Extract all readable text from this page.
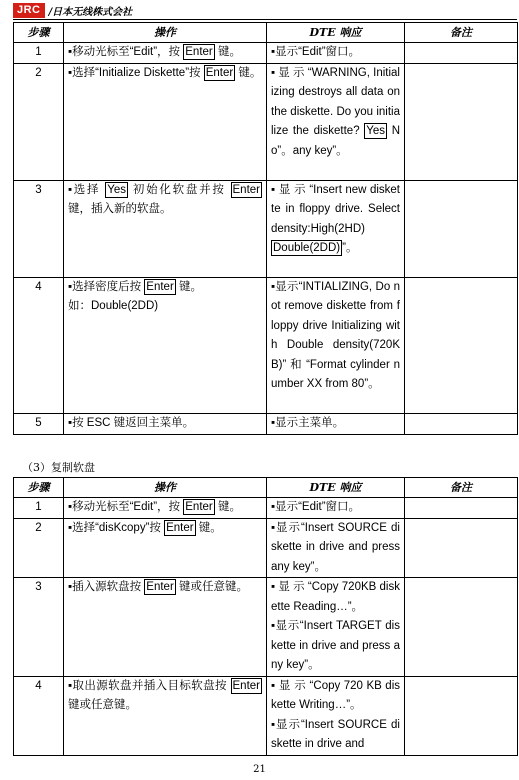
JRC /日本无线株式会社
步骤	操作	DTE 响应	备注
1	▪移动光标至“Edit”，按 Enter 键。	▪显示“Edit”窗口。	

2	▪选择“Initialize Diskette”按 Enter 键。	▪ 显 示 “WARNING, Initializing destroys all data on the diskette. Do you initialize the diskette? Yes No”。any key”。	

3	▪选择 Yes 初始化软盘并按 Enter 键，插入新的软盘。	▪ 显 示 “Insert new diskette in floppy drive. Select density:High(2HD) Double(2DD) ”。	

4	▪选择密度后按 Enter 键。
如：Double(2DD)	▪显示“INTIALIZING, Do not remove diskette from floppy drive Initializing with Double density(720KB)” 和 “Format cylinder number XX from 80”。	

5	▪按 ESC 键返回主菜单。	▪显示主菜单。	

（3）复制软盘
步骤	操作	DTE 响应	备注
1	▪移动光标至“Edit”，按 Enter 键。	▪显示“Edit”窗口。	

2	▪选择“disKcopy”按 Enter 键。	▪显示“Insert SOURCE diskette in drive and press any key”。	

3	▪插入源软盘按 Enter 键或任意键。	▪ 显 示 “Copy 720KB diskette Reading…”。
▪显示“Insert TARGET diskette in drive and press any key”。	

4	▪取出源软盘并插入目标软盘按 Enter 键或任意键。	▪ 显 示 “Copy 720 KB diskette Writing…”。
▪显示“Insert SOURCE diskette in drive and	

21
